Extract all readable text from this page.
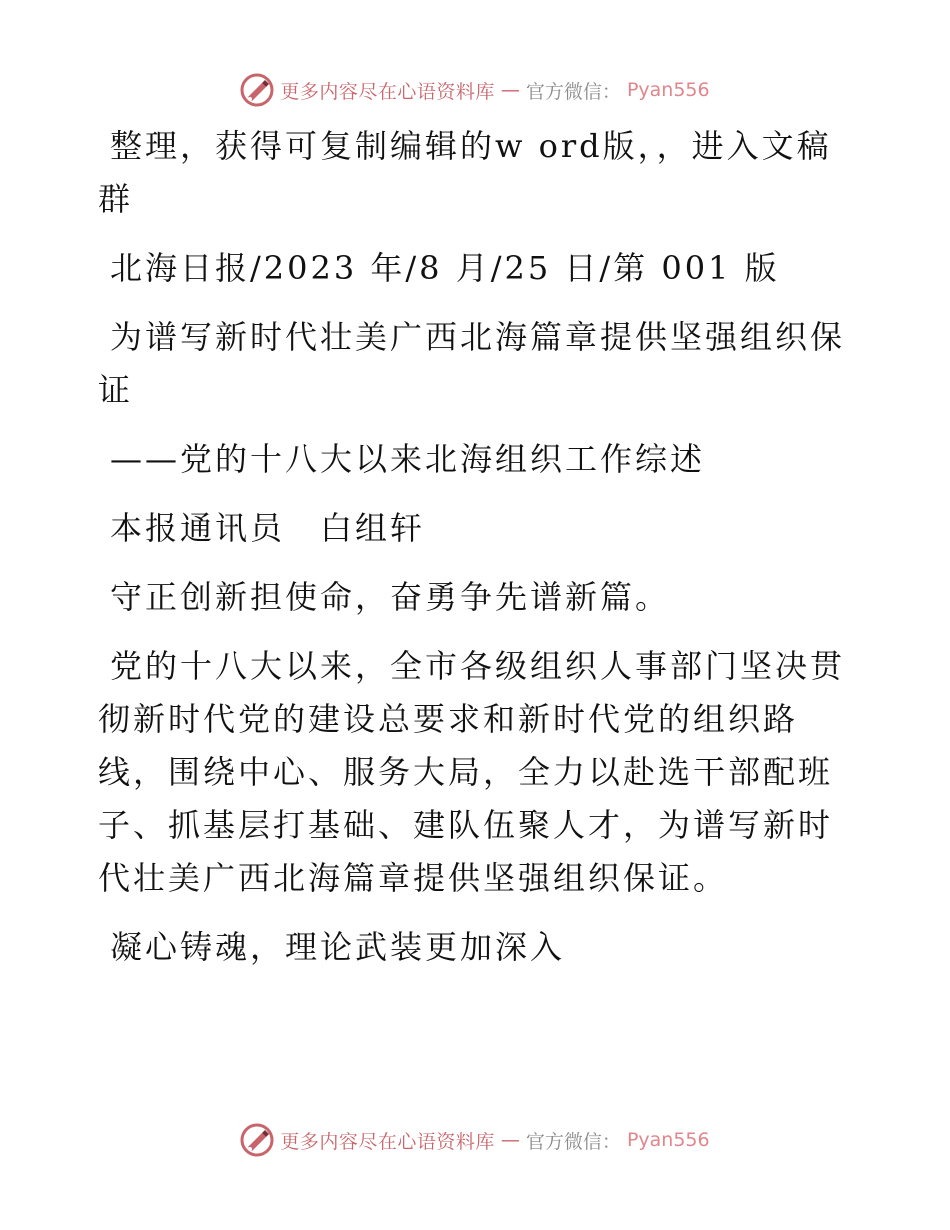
更多内容尽在心语资料库 — 官方微信： Pyan556

整理，获得可复制编辑的w ord版，，进入文稿群

北海日报/2023 年/8 月/25 日/第 001 版

为谱写新时代壮美广西北海篇章提供坚强组织保证

——党的十八大以来北海组织工作综述

本报通讯员　白组轩

守正创新担使命，奋勇争先谱新篇。

党的十八大以来，全市各级组织人事部门坚决贯彻新时代党的建设总要求和新时代党的组织路线，围绕中心、服务大局，全力以赴选干部配班子、抓基层打基础、建队伍聚人才，为谱写新时代壮美广西北海篇章提供坚强组织保证。

凝心铸魂，理论武装更加深入

更多内容尽在心语资料库 — 官方微信： Pyan556
